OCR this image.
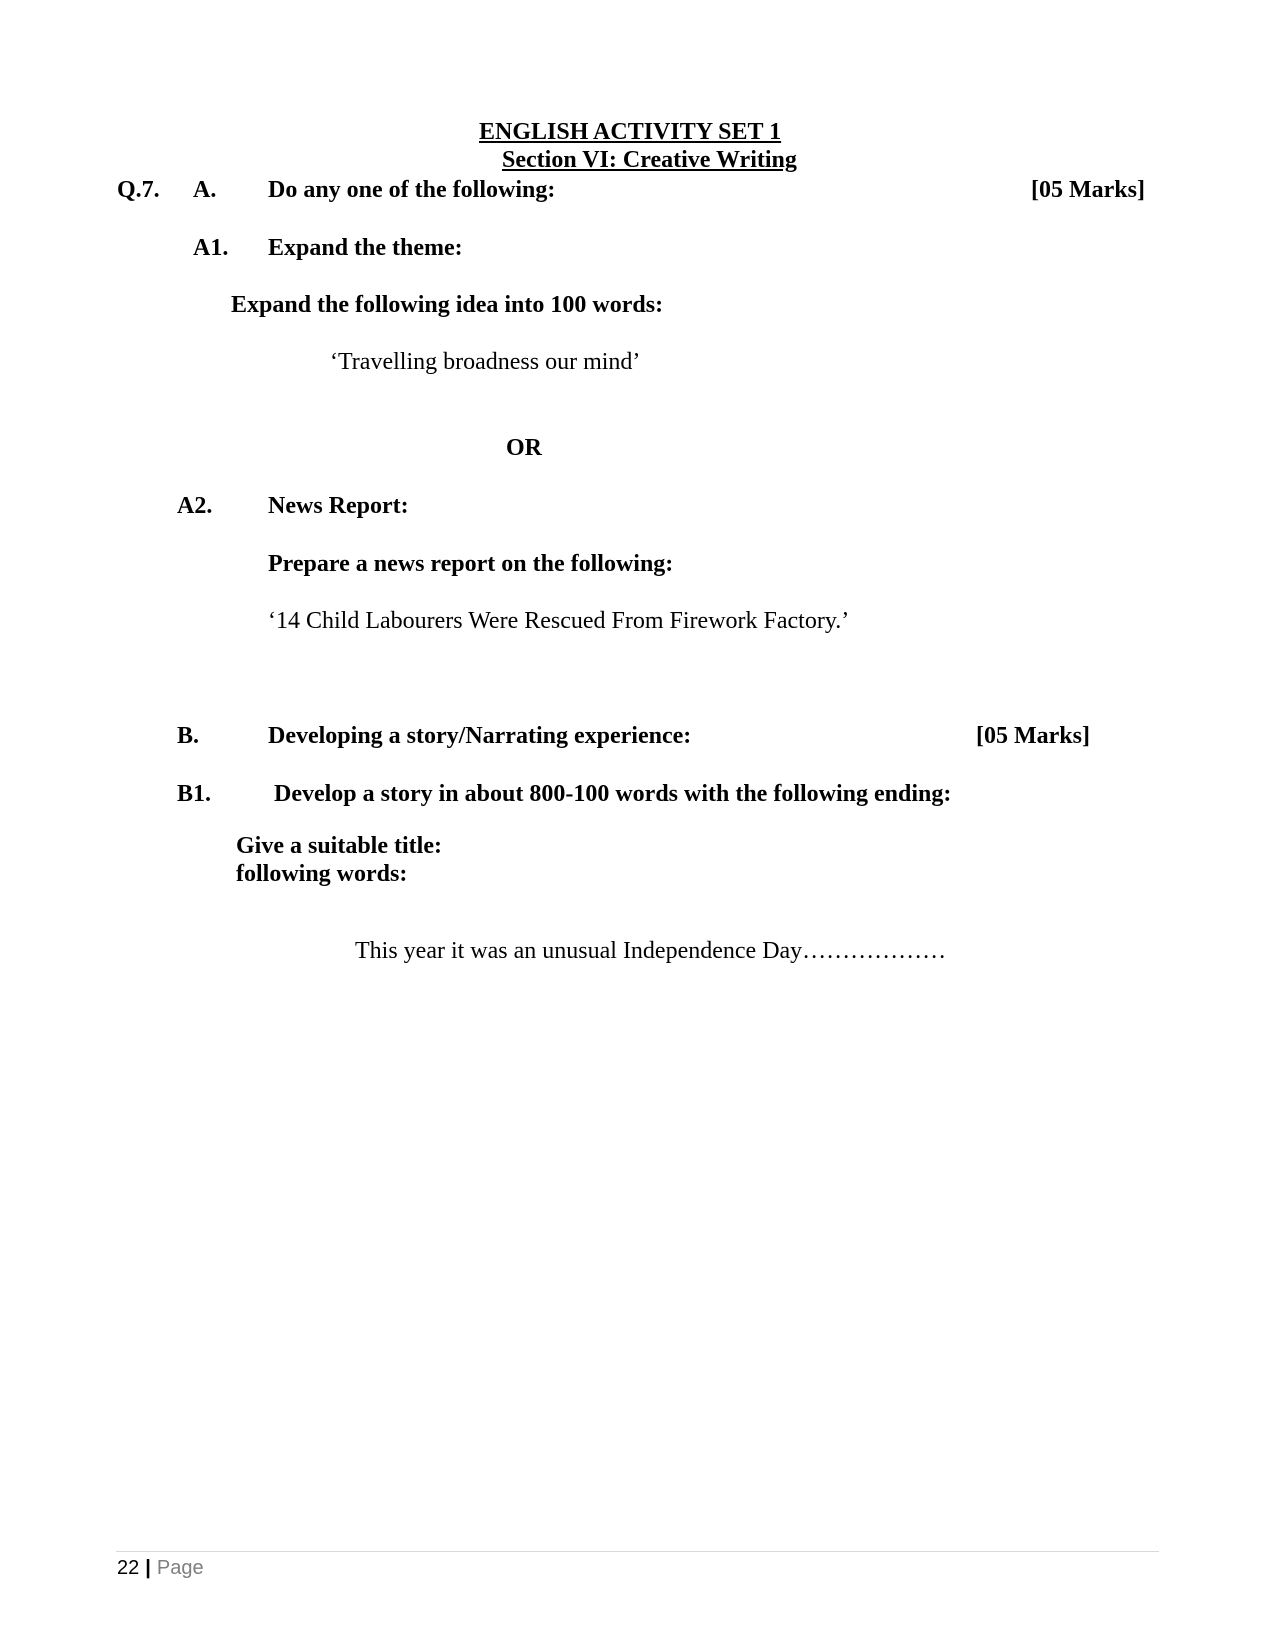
ENGLISH ACTIVITY SET 1
Section VI: Creative Writing
Q.7. A. Do any one of the following:	[05 Marks]
A1. Expand the theme:
Expand the following idea into 100 words:
‘Travelling broadness our mind’
OR
A2. News Report:
Prepare a news report on the following:
‘14 Child Labourers Were Rescued From Firework Factory.’
B.	Developing a story/Narrating experience:	[05 Marks]
B1.	Develop a story in about 800-100 words with the following ending:
Give a suitable title:
following words:
This year it was an unusual Independence Day………………
22 | Page
